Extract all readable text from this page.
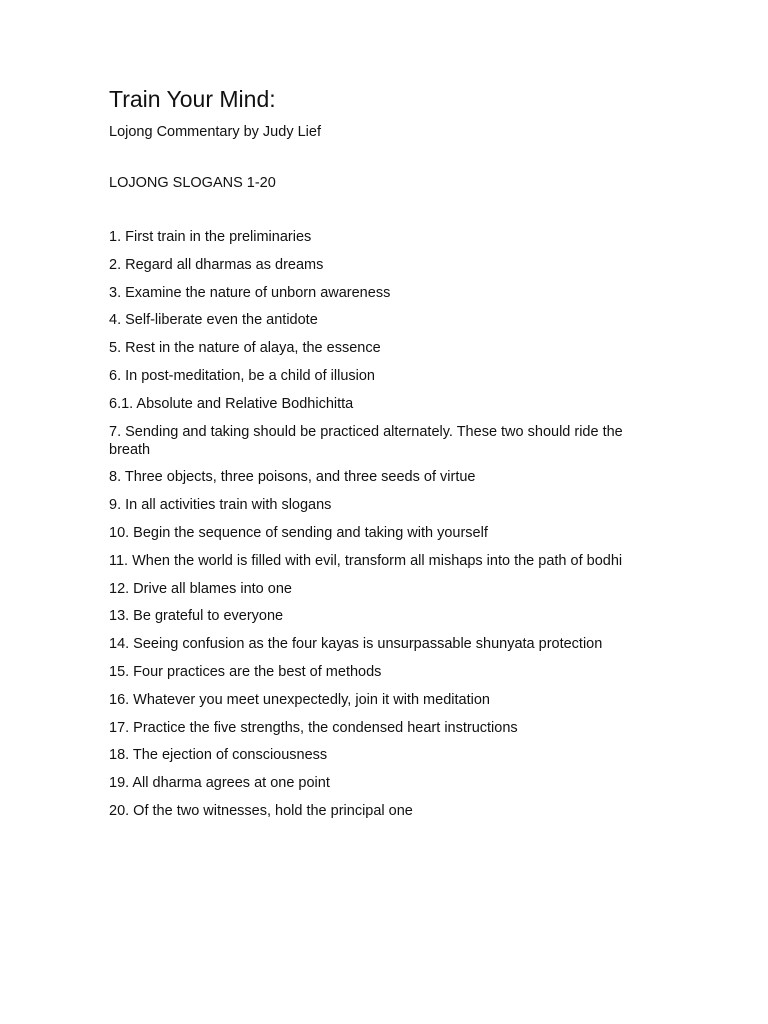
Train Your Mind:
Lojong Commentary by Judy Lief
LOJONG SLOGANS 1-20
1. First train in the preliminaries
2. Regard all dharmas as dreams
3. Examine the nature of unborn awareness
4. Self-liberate even the antidote
5. Rest in the nature of alaya, the essence
6. In post-meditation, be a child of illusion
6.1. Absolute and Relative Bodhichitta
7. Sending and taking should be practiced alternately. These two should ride the breath
8. Three objects, three poisons, and three seeds of virtue
9. In all activities train with slogans
10. Begin the sequence of sending and taking with yourself
11. When the world is filled with evil, transform all mishaps into the path of bodhi
12. Drive all blames into one
13. Be grateful to everyone
14. Seeing confusion as the four kayas is unsurpassable shunyata protection
15. Four practices are the best of methods
16. Whatever you meet unexpectedly, join it with meditation
17. Practice the five strengths, the condensed heart instructions
18. The ejection of consciousness
19. All dharma agrees at one point
20. Of the two witnesses, hold the principal one
